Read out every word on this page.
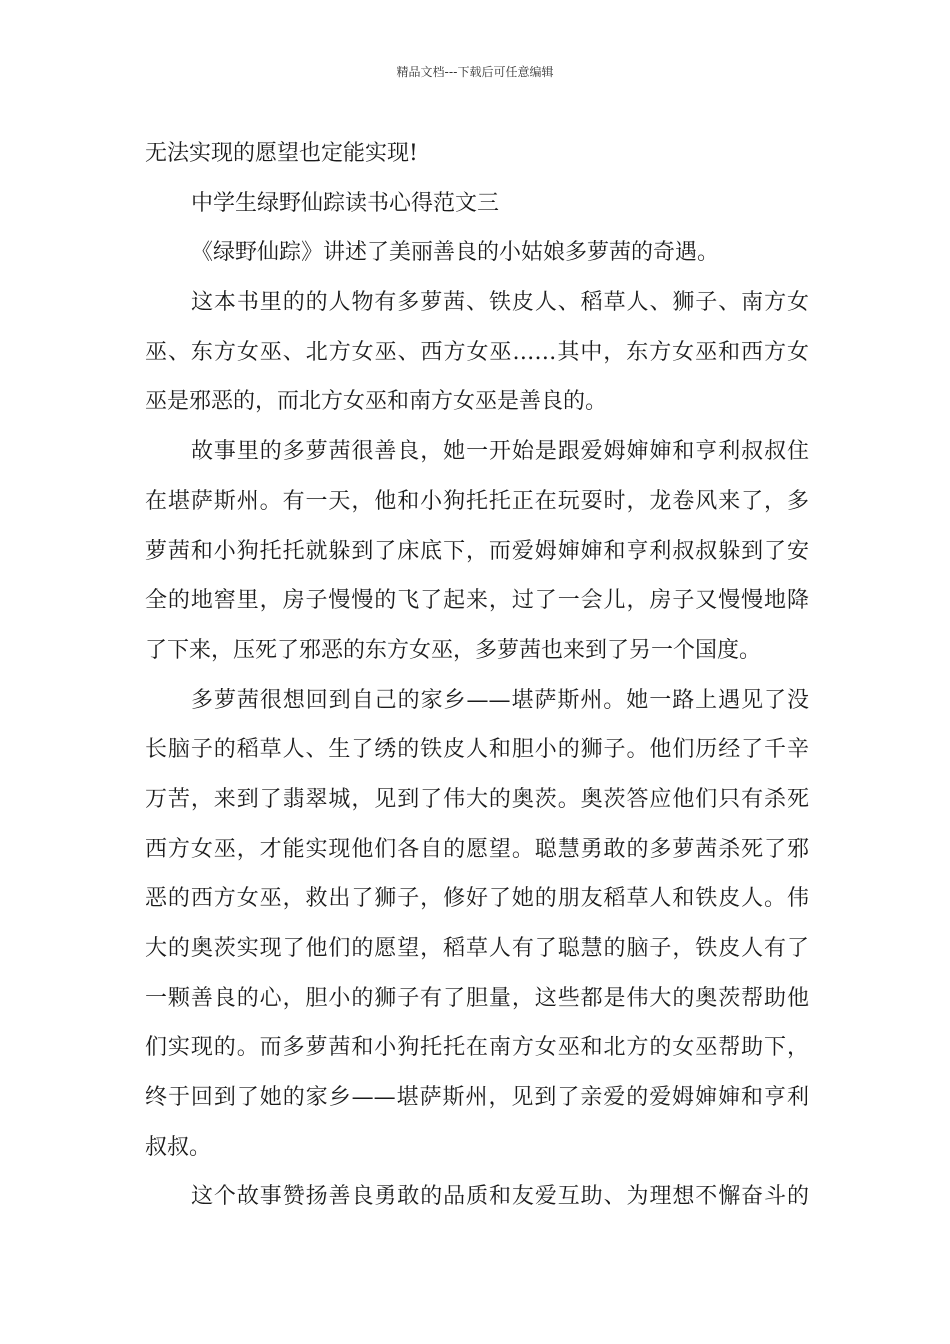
精品文档---下载后可任意编辑
无法实现的愿望也定能实现!
中学生绿野仙踪读书心得范文三
《绿野仙踪》讲述了美丽善良的小姑娘多萝茜的奇遇。
这本书里的的人物有多萝茜、铁皮人、稻草人、狮子、南方女
巫、东方女巫、北方女巫、西方女巫……其中，东方女巫和西方女
巫是邪恶的，而北方女巫和南方女巫是善良的。
故事里的多萝茜很善良，她一开始是跟爱姆婶婶和亨利叔叔住
在堪萨斯州。有一天，他和小狗托托正在玩耍时，龙卷风来了，多
萝茜和小狗托托就躲到了床底下，而爱姆婶婶和亨利叔叔躲到了安
全的地窖里，房子慢慢的飞了起来，过了一会儿，房子又慢慢地降
了下来，压死了邪恶的东方女巫，多萝茜也来到了另一个国度。
多萝茜很想回到自己的家乡——堪萨斯州。她一路上遇见了没
长脑子的稻草人、生了绣的铁皮人和胆小的狮子。他们历经了千辛
万苦，来到了翡翠城，见到了伟大的奥茨。奥茨答应他们只有杀死
西方女巫，才能实现他们各自的愿望。聪慧勇敢的多萝茜杀死了邪
恶的西方女巫，救出了狮子，修好了她的朋友稻草人和铁皮人。伟
大的奥茨实现了他们的愿望，稻草人有了聪慧的脑子，铁皮人有了
一颗善良的心，胆小的狮子有了胆量，这些都是伟大的奥茨帮助他
们实现的。而多萝茜和小狗托托在南方女巫和北方的女巫帮助下，
终于回到了她的家乡——堪萨斯州，见到了亲爱的爱姆婶婶和亨利
叔叔。
这个故事赞扬善良勇敢的品质和友爱互助、为理想不懈奋斗的
